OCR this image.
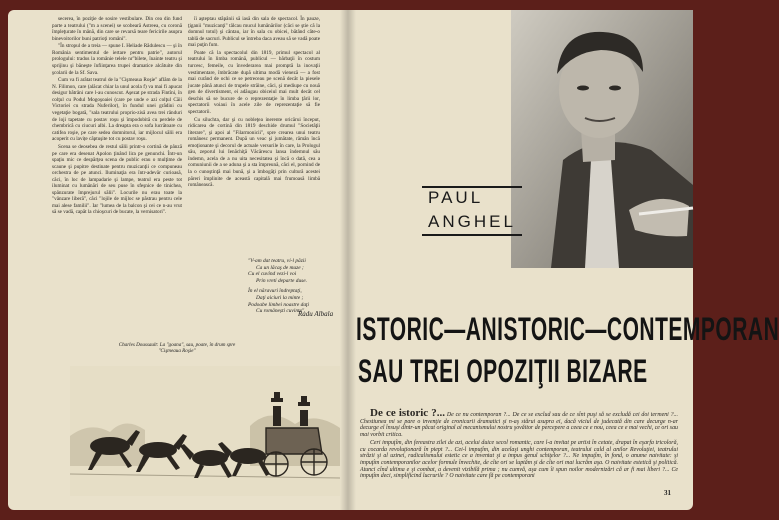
secerea, în poziţie de sosire vestibulare. Din cea din fund parte a teatrului ("m a scenei) se scobeară Astreea, cu coronă împleţurate în mână, din care se revarsă teare fericirile asupra binevoitorilor buni patrioţi români".

"În stropul de a treia — spune I. Heliade Rădulescu — şi în România sentimentul de iertare pentru patrie", autorul prologului: tradus la românie telele nr"bilete, înainte teatru şi sprijinu şi băneşte înfiinţarea trupei dramatice alcătuite din şcolarii de la Sf. Sava.

Cum va fi arătat teatrul de la "Cişmeaua Roşie" aflăm de la N. Filimon, care (alăcat chiar la unul acola f) va mai fi apucat desigur bătrâni care l-au cunoscut. Aşezat pe strada Fintîni, în colţul cu Podul Mogoşoaiei (care pe unde e azi colţul Căii Victoriei cu strada Nuferilor), în fundul unei grădini cu vegetaţie bogată, "sala teatrului proprio-zisă avea trei rânduri de loji tapetate cu postav roşu şi împodobită cu perdele de chembrică cu ciucuri albi. La dreapta era o sofa lucrătoare cu catifea roşie, pe care sedea domnitorul, iar mijlocul sălii era acoperit cu lavițe căptuşite tot cu postav roşu.

Scena se deosebea de restul sălii printr-o cortină de pânză pe care era desenat Apolon ţinând lira pe genunchi. Într-un spaţiu mic ce despărţea scena de public erau o mulţime de scaune şi pupitre destinate pentru muzicanţii ce compuneau orchestra de pe atunci. Iluminaţia era într-adevăr curioasă, căci, în loc de lampadarie şi lampe, teatrul era peste tot iluminat cu lumânări de seu puse în sfeşnice de tinichea, spânzurate împrejurul sălii". Locurile nu erau toate la "vânzare liberă", căci "lojile de mijloc se păstrau pentru cele mai alese familii". Iar "lumea de la balcon şi cei ce n-au vrut să se vadă, capăt la chioşcuri de bucate, la vernisatori".

îi aşteptau stăpânii să iasă din sala de spectacol. În pauze, ţiganii "muzicanţi" tâlcau mucul lumânărilor (căci se ştie că la domnul totul) şi cântau, iar în sala cu obicei, bătând câte-o tablă de sacruri. Publicul se întreba daca aveau să se vadă poate mai puţin fum.

Poate că la spectacolul din 1819, primul spectacol al teatrului în limba română, publicul — bărbaţii în costum turcesc, femeile, cu învederarea mai promptă la inovaţii vestimentare, îmbrăcate după ultima modă vieneză — a fost mai curând de ochi ce se petreceau pe scenă decât la piesele jucate până atunci de trupele străine, căci, şi mediupe cu nouă gen de divertisment, ei adăugau obiceiul mai mult decât cel deschis să se bucure de o reprezentaţie în limba ţării lor, spectatorii voiaui în acele zile de reprezentaţie să fie spectatorii.

Cu siluchta, dar şi cu nobleţea inerente oricărui început, ridicarea de cortină din 1819 deschide drumul "Societăţii literare", şi apoi al "Filarmonicii", spre crearea unui teatru românesc permanent. După un veac şi jumătate, rămân încă emoţionante şi decorul de actuale versurile în care, la Prologul său, zeporul lui Ienăchiţă Văcărescu lansa îndemnul său îndemn, acela de a nu uita necesitatea şi încă o dată, cea a comuniunii de a se aduna şi a sta împreună, căci el, pornind de la o cunoştinţă mai bună, şi a îmbogăţi prin cultură acestei păreri împlinite de această capitală mai frumoasă limbă românească.

"V-am dat teatru, vi-l păzii
Ca un lăcaş de muze ;
Cu el cuvînd vezi-l voi
Prin vreti departe duse.
În el năravuri îndreptaţi,
Daţi aiciuri la minte ;
Podoabe limbei noastre daţi
Cu românești cuvinte".
Radu Albala
Charles Doussault: La "goana", sau, poate, în drum spre "Cişmeaua Roşie"
PAUL
ANGHEL
ISTORIC—ANISTORIC—CONTEMPORAN
SAU TREI OPOZIŢII BIZARE

De ce istoric ?... De ce nu contemporan ?... De ce se exclud sau de ce sînt puşi să se excludă cei doi termeni ?... Chestiunea mi se pare o invenţie de cronicarii dramatici şi n-aş stărui asupra ei, dacă viciul de judecată din care decurge n-ar decurge el însuşi dintr-un păcat original al mecanismului nostru şovăitor de percepere a ceea ce e nou, ceea ce e mai vechi, ce ori sau mai vorbit critica.

Ceri impuţîm, din fereastra zilei de azi, acelui duice secol romantic, care l-a invitat pe artist în cetate, drapat în eşarfa tricoloră, cu cocarda revoluţionară în piept ?... Cei-l impuţîm, din acelaşi unghi contemporan, teatrului cald al anilor Revoluţiei, teatrului străzii şi al uzinei, radicalismului estetic ce a inventat şi a impus genul schiţelor ?... Ne impuţîm, în fond, o anume naivitate: şi impuţîm contemporanilor acelor formule învechite, de cîte ori se luptăm şi de cîte ori mai lucrăm aşa. O naivitate estetică şi politică. Atunci cînd ultima e şi combat, a devenit vizibilă prima ; nu cumvă, aşa cum îi spun noilor modernizări că ar fi mai liberi ?... Ce impuţîm deci, simplificind lucrurile ? O naivitate care fă pe contemporani

31
